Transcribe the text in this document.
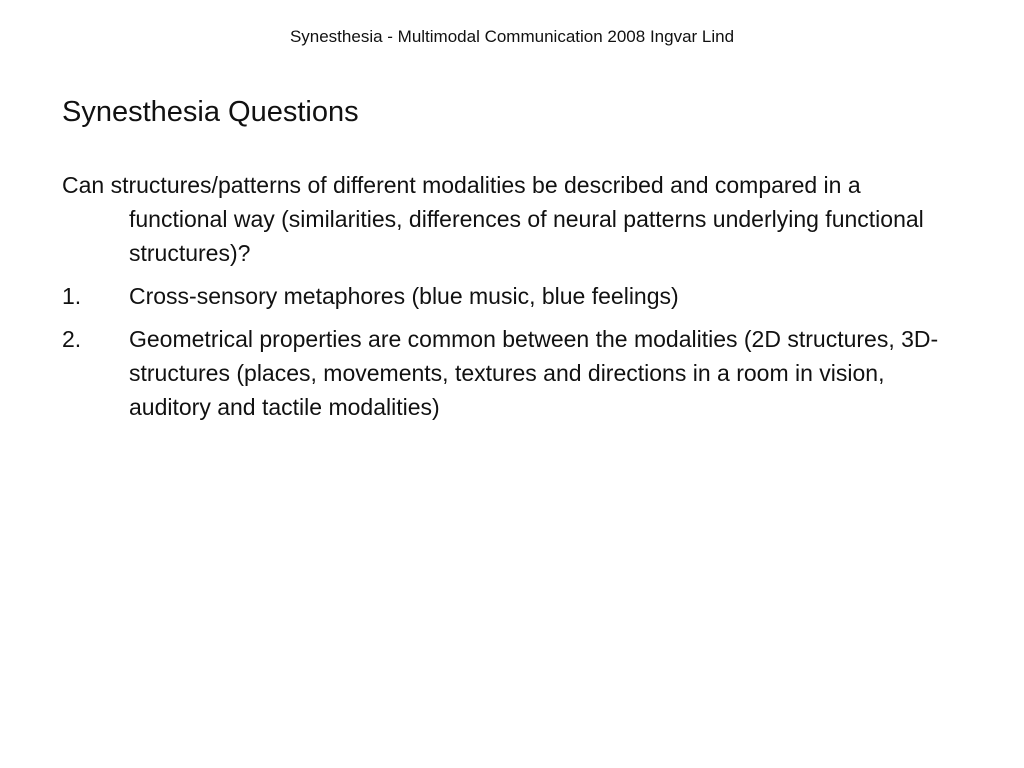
Synesthesia - Multimodal Communication 2008 Ingvar Lind
Synesthesia Questions

Can structures/patterns of different modalities be described and compared in a functional way (similarities, differences of neural patterns underlying functional structures)?

1.	Cross-sensory metaphores (blue music, blue feelings)
2.	Geometrical properties are common between the modalities (2D structures, 3D-structures (places, movements, textures and directions in a room in vision, auditory and tactile modalities)
